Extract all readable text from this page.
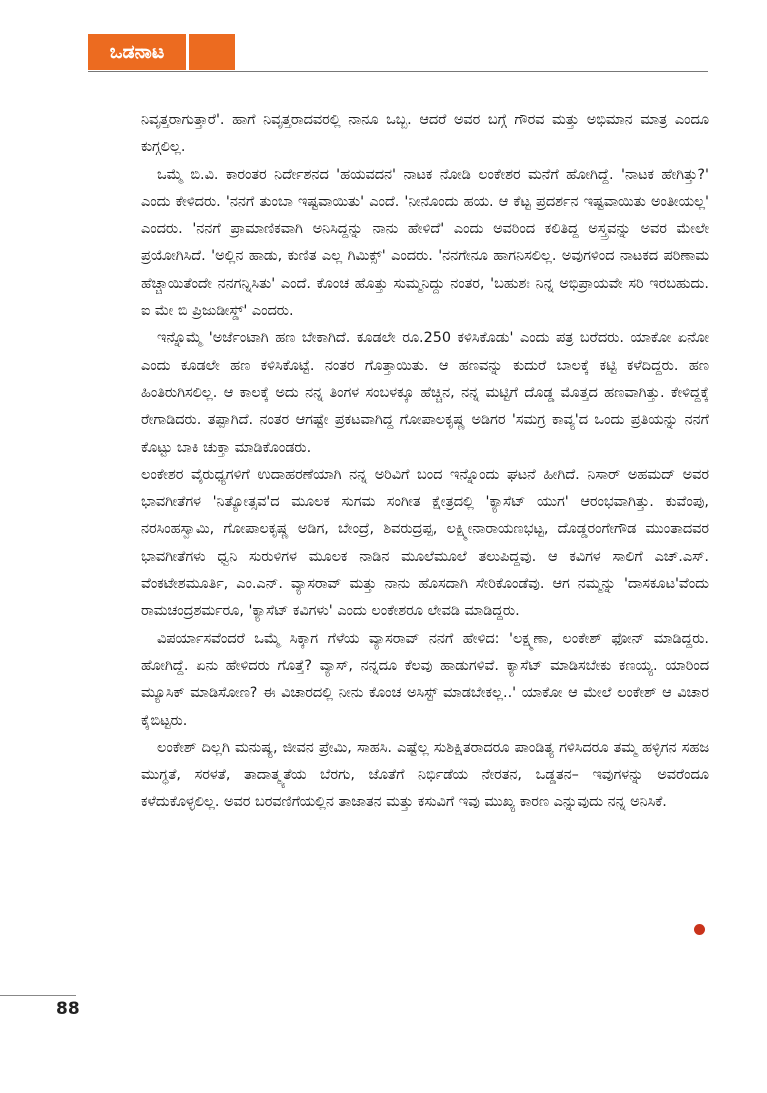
ಒಡನಾಟ

ನಿವೃತ್ತರಾಗುತ್ತಾರೆ'. ಹಾಗೆ ನಿವೃತ್ತರಾದವರಲ್ಲಿ ನಾನೂ ಒಬ್ಬ. ಆದರೆ ಅವರ ಬಗ್ಗೆ ಗೌರವ ಮತ್ತು ಅಭಿಮಾನ ಮಾತ್ರ ಎಂದೂ ಕುಗ್ಗಲಿಲ್ಲ.

ಒಮ್ಮೆ ಬಿ.ವಿ. ಕಾರಂತರ ನಿರ್ದೇಶನದ 'ಹಯವದನ' ನಾಟಕ ನೋಡಿ ಲಂಕೇಶರ ಮನೆಗೆ ಹೋಗಿದ್ದೆ. 'ನಾಟಕ ಹೇಗಿತ್ತು?' ಎಂದು ಕೇಳಿದರು. 'ನನಗೆ ತುಂಬಾ ಇಷ್ಟವಾಯಿತು' ಎಂದೆ. 'ನೀನೊಂದು ಹಯ. ಆ ಕೆಟ್ಟ ಪ್ರದರ್ಶನ ಇಷ್ಟವಾಯಿತು ಅಂತೀಯಲ್ಲ' ಎಂದರು. 'ನನಗೆ ಪ್ರಾಮಾಣಿಕವಾಗಿ ಅನಿಸಿದ್ದನ್ನು ನಾನು ಹೇಳಿದೆ' ಎಂದು ಅವರಿಂದ ಕಲಿತಿದ್ದ ಅಸ್ತ್ರವನ್ನು ಅವರ ಮೇಲೇ ಪ್ರಯೋಗಿಸಿದೆ. 'ಅಲ್ಲಿನ ಹಾಡು, ಕುಣಿತ ಎಲ್ಲ ಗಿಮಿಕ್ಸ್' ಎಂದರು. 'ನನಗೇನೂ ಹಾಗನಿಸಲಿಲ್ಲ. ಅವುಗಳಿಂದ ನಾಟಕದ ಪರಿಣಾಮ ಹೆಚ್ಚಾಯಿತೆಂದೇ ನನಗನ್ನಿಸಿತು' ಎಂದೆ. ಕೊಂಚ ಹೊತ್ತು ಸುಮ್ಮನಿದ್ದು ನಂತರ, 'ಬಹುಶಃ ನಿನ್ನ ಅಭಿಪ್ರಾಯವೇ ಸರಿ ಇರಬಹುದು. ಐ ಮೇ ಬಿ ಪ್ರಿಜುಡೀಸ್ಡ್' ಎಂದರು.

ಇನ್ನೊಮ್ಮೆ 'ಅರ್ಜೆಂಟಾಗಿ ಹಣ ಬೇಕಾಗಿದೆ. ಕೂಡಲೇ ರೂ.250 ಕಳಿಸಿಕೊಡು' ಎಂದು ಪತ್ರ ಬರೆದರು. ಯಾಕೋ ಏನೋ ಎಂದು ಕೂಡಲೇ ಹಣ ಕಳಿಸಿಕೊಟ್ಟೆ. ನಂತರ ಗೊತ್ತಾಯಿತು. ಆ ಹಣವನ್ನು ಕುದುರೆ ಬಾಲಕ್ಕೆ ಕಟ್ಟಿ ಕಳೆದಿದ್ದರು. ಹಣ ಹಿಂತಿರುಗಿಸಲಿಲ್ಲ. ಆ ಕಾಲಕ್ಕೆ ಅದು ನನ್ನ ತಿಂಗಳ ಸಂಬಳಕ್ಕೂ ಹೆಚ್ಚಿನ, ನನ್ನ ಮಟ್ಟಿಗೆ ದೊಡ್ಡ ಮೊತ್ತದ ಹಣವಾಗಿತ್ತು. ಕೇಳಿದ್ದಕ್ಕೆ ರೇಗಾಡಿದರು. ತಪ್ಪಾಗಿದೆ. ನಂತರ ಆಗಷ್ಟೇ ಪ್ರಕಟವಾಗಿದ್ದ ಗೋಪಾಲಕೃಷ್ಣ ಅಡಿಗರ 'ಸಮಗ್ರ ಕಾವ್ಯ'ದ ಒಂದು ಪ್ರತಿಯನ್ನು ನನಗೆ ಕೊಟ್ಟು ಬಾಕಿ ಚುಕ್ತಾ ಮಾಡಿಕೊಂಡರು.

ಲಂಕೇಶರ ವೈರುಧ್ಯಗಳಿಗೆ ಉದಾಹರಣೆಯಾಗಿ ನನ್ನ ಅರಿವಿಗೆ ಬಂದ ಇನ್ನೊಂದು ಘಟನೆ ಹೀಗಿದೆ. ನಿಸಾರ್ ಅಹಮದ್ ಅವರ ಭಾವಗೀತೆಗಳ 'ನಿತ್ಯೋತ್ಸವ'ದ ಮೂಲಕ ಸುಗಮ ಸಂಗೀತ ಕ್ಷೇತ್ರದಲ್ಲಿ 'ಕ್ಯಾಸೆಟ್ ಯುಗ' ಆರಂಭವಾಗಿತ್ತು. ಕುವೆಂಪು, ನರಸಿಂಹಸ್ವಾಮಿ, ಗೋಪಾಲಕೃಷ್ಣ ಅಡಿಗ, ಬೇಂದ್ರೆ, ಶಿವರುದ್ರಪ್ಪ, ಲಕ್ಷ್ಮೀನಾರಾಯಣಭಟ್ಟ, ದೊಡ್ಡರಂಗೇಗೌಡ ಮುಂತಾದವರ ಭಾವಗೀತೆಗಳು ಧ್ವನಿ ಸುರುಳಿಗಳ ಮೂಲಕ ನಾಡಿನ ಮೂಲೆಮೂಲೆ ತಲುಪಿದ್ದವು. ಆ ಕವಿಗಳ ಸಾಲಿಗೆ ಎಚ್.ಎಸ್. ವೆಂಕಟೇಶಮೂರ್ತಿ, ಎಂ.ಎನ್. ವ್ಯಾಸರಾವ್ ಮತ್ತು ನಾನು ಹೊಸದಾಗಿ ಸೇರಿಕೊಂಡೆವು. ಆಗ ನಮ್ಮನ್ನು 'ದಾಸಕೂಟ'ವೆಂದು ರಾಮಚಂದ್ರಶರ್ಮರೂ, 'ಕ್ಯಾಸೆಟ್ ಕವಿಗಳು' ಎಂದು ಲಂಕೇಶರೂ ಲೇವಡಿ ಮಾಡಿದ್ದರು.

ವಿಪರ್ಯಾಸವೆಂದರೆ ಒಮ್ಮೆ ಸಿಕ್ಕಾಗ ಗೆಳೆಯ ವ್ಯಾಸರಾವ್ ನನಗೆ ಹೇಳಿದ: 'ಲಕ್ಷ್ಮಣಾ, ಲಂಕೇಶ್ ಫೋನ್ ಮಾಡಿದ್ದರು. ಹೋಗಿದ್ದೆ. ಏನು ಹೇಳಿದರು ಗೊತ್ತೆ? ವ್ಯಾಸ್, ನನ್ನದೂ ಕೆಲವು ಹಾಡುಗಳಿವೆ. ಕ್ಯಾಸೆಟ್ ಮಾಡಿಸಬೇಕು ಕಣಯ್ಯ. ಯಾರಿಂದ ಮ್ಯೂಸಿಕ್ ಮಾಡಿಸೋಣ? ಈ ವಿಚಾರದಲ್ಲಿ ನೀನು ಕೊಂಚ ಅಸಿಸ್ಟ್ ಮಾಡಬೇಕಲ್ಲ..' ಯಾಕೋ ಆ ಮೇಲೆ ಲಂಕೇಶ್ ಆ ವಿಚಾರ ಕೈಬಿಟ್ಟರು.

ಲಂಕೇಶ್ ದಿಲ್ಲಗಿ ಮನುಷ್ಯ, ಜೀವನ ಪ್ರೇಮಿ, ಸಾಹಸಿ. ಎಷ್ಟೆಲ್ಲ ಸುಶಿಕ್ಷಿತರಾದರೂ ಪಾಂಡಿತ್ಯ ಗಳಿಸಿದರೂ ತಮ್ಮ ಹಳ್ಳಿಗನ ಸಹಜ ಮುಗ್ಧತೆ, ಸರಳತೆ, ತಾದಾತ್ಮ್ಯತೆಯ ಬೆರಗು, ಜೊತೆಗೆ ನಿರ್ಭಿಡೆಯ ನೇರತನ, ಒಡ್ಡತನ– ಇವುಗಳನ್ನು ಅವರೆಂದೂ ಕಳೆದುಕೊಳ್ಳಲಿಲ್ಲ. ಅವರ ಬರವಣಿಗೆಯಲ್ಲಿನ ತಾಜಾತನ ಮತ್ತು ಕಸುವಿಗೆ ಇವು ಮುಖ್ಯ ಕಾರಣ ಎನ್ನುವುದು ನನ್ನ ಅನಿಸಿಕೆ.

88
